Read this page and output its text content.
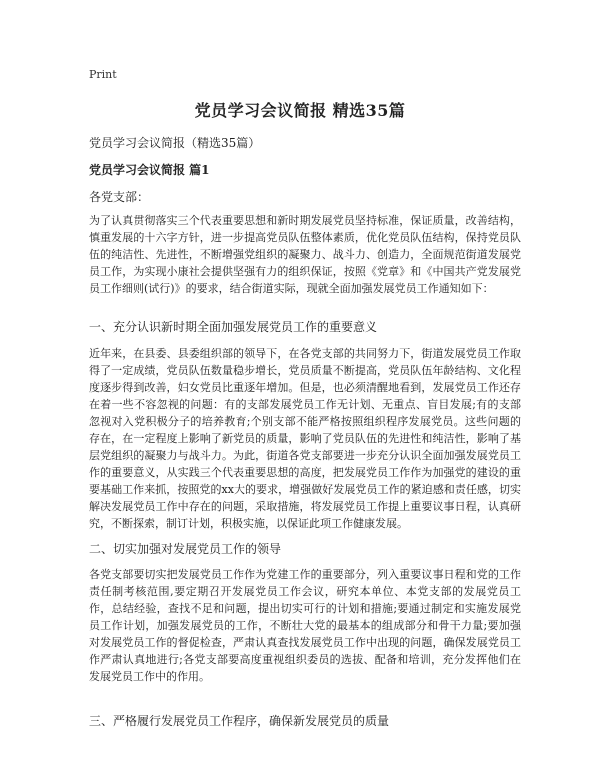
Print
党员学习会议简报 精选35篇
党员学习会议简报（精选35篇）
党员学习会议简报 篇1
各党支部：
为了认真贯彻落实三个代表重要思想和新时期发展党员坚持标准，保证质量，改善结构，慎重发展的十六字方针，进一步提高党员队伍整体素质，优化党员队伍结构，保持党员队伍的纯洁性、先进性，不断增强党组织的凝聚力、战斗力、创造力，全面规范街道发展党员工作，为实现小康社会提供坚强有力的组织保证，按照《党章》和《中国共产党发展党员工作细则(试行)》的要求，结合街道实际，现就全面加强发展党员工作通知如下：
一、充分认识新时期全面加强发展党员工作的重要意义
近年来，在县委、县委组织部的领导下，在各党支部的共同努力下，街道发展党员工作取得了一定成绩，党员队伍数量稳步增长，党员质量不断提高，党员队伍年龄结构、文化程度逐步得到改善，妇女党员比重逐年增加。但是，也必须清醒地看到，发展党员工作还存在着一些不容忽视的问题：有的支部发展党员工作无计划、无重点、盲目发展;有的支部忽视对入党积极分子的培养教育;个别支部不能严格按照组织程序发展党员。这些问题的存在，在一定程度上影响了新党员的质量，影响了党员队伍的先进性和纯洁性，影响了基层党组织的凝聚力与战斗力。为此，街道各党支部要进一步充分认识全面加强发展党员工作的重要意义，从实践三个代表重要思想的高度，把发展党员工作作为加强党的建设的重要基础工作来抓，按照党的xx大的要求，增强做好发展党员工作的紧迫感和责任感，切实解决发展党员工作中存在的问题，采取措施，将发展党员工作提上重要议事日程，认真研究，不断探索，制订计划，积极实施，以保证此项工作健康发展。
二、切实加强对发展党员工作的领导
各党支部要切实把发展党员工作作为党建工作的重要部分，列入重要议事日程和党的工作责任制考核范围,要定期召开发展党员工作会议，研究本单位、本党支部的发展党员工作，总结经验，查找不足和问题，提出切实可行的计划和措施;要通过制定和实施发展党员工作计划，加强发展党员的工作，不断壮大党的最基本的组成部分和骨干力量;要加强对发展党员工作的督促检查，严肃认真查找发展党员工作中出现的问题，确保发展党员工作严肃认真地进行;各党支部要高度重视组织委员的选拔、配备和培训，充分发挥他们在发展党员工作中的作用。
三、严格履行发展党员工作程序，确保新发展党员的质量
